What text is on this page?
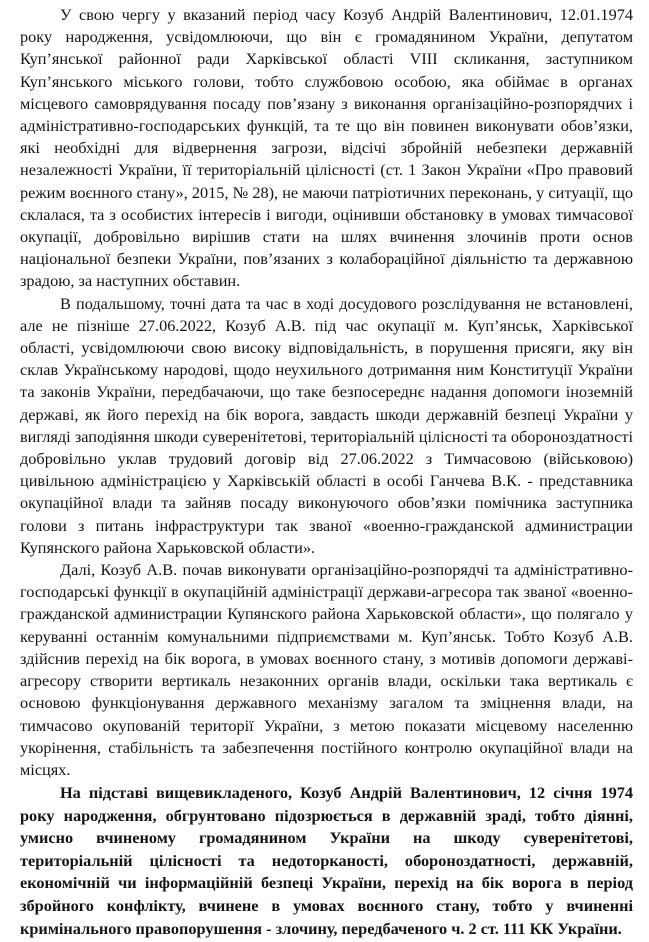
У свою чергу у вказаний період часу Козуб Андрій Валентинович, 12.01.1974 року народження, усвідомлюючи, що він є громадянином України, депутатом Куп’янської районної ради Харківської області VIII скликання, заступником Куп’янського міського голови, тобто службовою особою, яка обіймає в органах місцевого самоврядування посаду пов’язану з виконання організаційно-розпорядчих і адміністративно-господарських функцій, та те що він повинен виконувати обов’язки, які необхідні для відвернення загрози, відсічі збройній небезпеки державній незалежності України, її територіальній цілісності (ст. 1 Закон України «Про правовий режим воєнного стану», 2015, № 28), не маючи патріотичних переконань, у ситуації, що склалася, та з особистих інтересів і вигоди, оцінивши обстановку в умовах тимчасової окупації, добровільно вирішив стати на шлях вчинення злочинів проти основ національної безпеки України, пов’язаних з колабораційної діяльністю та державною зрадою, за наступних обставин.

В подальшому, точні дата та час в ході досудового розслідування не встановлені, але не пізніше 27.06.2022, Козуб А.В. під час окупації м. Куп’янськ, Харківської області, усвідомлюючи свою високу відповідальність, в порушення присяги, яку він склав Українському народові, щодо неухильного дотримання ним Конституції України та законів України, передбачаючи, що таке безпосереднє надання допомоги іноземній державі, як його перехід на бік ворога, завдасть шкоди державній безпеці України у вигляді заподіяння шкоди суверенітетові, територіальній цілісності та обороноздатності добровільно уклав трудовий договір від 27.06.2022 з Тимчасовою (військовою) цивільною адміністрацією у Харківській області в особі Ганчева В.К. - представника окупаційної влади та зайняв посаду виконуючого обов’язки помічника заступника голови з питань інфраструктури так званої «военно-гражданской администрации Купянского района Харьковской области».

Далі, Козуб А.В. почав виконувати організаційно-розпорядчі та адміністративно-господарські функції в окупаційній адміністрації держави-агресора так званої «военно-гражданской администрации Купянского района Харьковской области», що полягало у керуванні останнім комунальними підприємствами м. Куп’янськ. Тобто Козуб А.В. здійснив перехід на бік ворога, в умовах воєнного стану, з мотивів допомоги державі-агресору створити вертикаль незаконних органів влади, оскільки така вертикаль є основою функціонування державного механізму загалом та зміцнення влади, на тимчасово окупованій території України, з метою показати місцевому населенню укорінення, стабільність та забезпечення постійного контролю окупаційної влади на місцях.

На підставі вищевикладеного, Козуб Андрій Валентинович, 12 січня 1974 року народження, обгрунтовано підозрюється в державній зраді, тобто діянні, умисно вчиненому громадянином України на шкоду суверенітетові, територіальній цілісності та недоторканості, обороноздатності, державній, економічній чи інформаційній безпеці України, перехід на бік ворога в період збройного конфлікту, вчинене в умовах воєнного стану, тобто у вчиненні кримінального правопорушення - злочину, передбаченого ч. 2 ст. 111 КК України.
